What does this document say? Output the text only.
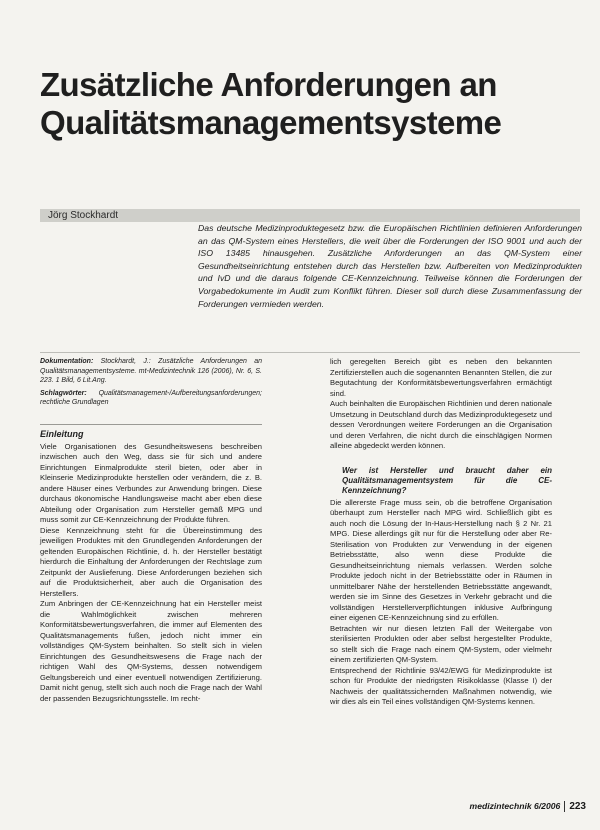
Zusätzliche Anforderungen an
Qualitätsmanagementsysteme
Jörg Stockhardt

Das deutsche Medizinproduktegesetz bzw. die Europäischen Richtlinien definieren Anforderungen an das QM-System eines Herstellers, die weit über die Forderungen der ISO 9001 und auch der ISO 13485 hinausgehen. Zusätzliche Anforderungen an das QM-System einer Gesundheitseinrichtung entstehen durch das Herstellen bzw. Aufbereiten von Medizinprodukten und IvD und die daraus folgende CE-Kennzeichnung. Teilweise können die Forderungen der Vorgabedokumente im Audit zum Konflikt führen. Dieser soll durch diese Zusammenfassung der Forderungen vermieden werden.

Dokumentation: Stockhardt, J.: Zusätzliche Anforderungen an Qualitätsmanagementsysteme. mt-Medizintechnik 126 (2006), Nr. 6, S. 223. 1 Bild, 6 Lit.Ang.

Schlagwörter: Qualitätsmanagement-/Aufbereitungsanforderungen; rechtliche Grundlagen

Einleitung

Viele Organisationen des Gesundheitswesens beschreiben inzwischen auch den Weg, dass sie für sich und andere Einrichtungen Einmalprodukte steril bieten, oder aber in Kleinserie Medizinprodukte herstellen oder verändern, die z. B. andere Häuser eines Verbundes zur Anwendung bringen. Diese durchaus ökonomische Handlungsweise macht aber eben diese Abteilung oder Organisation zum Hersteller gemäß MPG und muss somit zur CE-Kennzeichnung der Produkte führen.

Diese Kennzeichnung steht für die Übereinstimmung des jeweiligen Produktes mit den Grundlegenden Anforderungen der geltenden Europäischen Richtlinie, d. h. der Hersteller bestätigt hierdurch die Einhaltung der Anforderungen der Rechtslage zum Zeitpunkt der Auslieferung. Diese Anforderungen beziehen sich auf die Produktsicherheit, aber auch die Organisation des Herstellers.

Zum Anbringen der CE-Kennzeichnung hat ein Hersteller meist die Wahlmöglichkeit zwischen mehreren Konformitätsbewertungsverfahren, die immer auf Elementen des Qualitätsmanagements fußen, jedoch nicht immer ein vollständiges QM-System beinhalten. So stellt sich in vielen Einrichtungen des Gesundheitswesens die Frage nach der richtigen Wahl des QM-Systems, dessen notwendigem Geltungsbereich und einer eventuell notwendigen Zertifizierung. Damit nicht genug, stellt sich auch noch die Frage nach der Wahl der passenden Bezugsrichtungsstelle. Im recht-

lich geregelten Bereich gibt es neben den bekannten Zertifizierstellen auch die sogenannten Benannten Stellen, die zur Begutachtung der Konformitätsbewertungsverfahren ermächtigt sind.

Auch beinhalten die Europäischen Richtlinien und deren nationale Umsetzung in Deutschland durch das Medizinproduktegesetz und dessen Verordnungen weitere Forderungen an die Organisation und deren Verfahren, die nicht durch die einschlägigen Normen alleine abgedeckt werden können.

Wer ist Hersteller und braucht daher ein Qualitätsmanagementsystem für die CE-Kennzeichnung?

Die allererste Frage muss sein, ob die betroffene Organisation überhaupt zum Hersteller nach MPG wird. Schließlich gibt es auch noch die Lösung der In-Haus-Herstellung nach § 2 Nr. 21 MPG. Diese allerdings gilt nur für die Herstellung oder aber Re-Sterilisation von Produkten zur Verwendung in der eigenen Betriebsstätte, also wenn diese Produkte die Gesundheitseinrichtung niemals verlassen. Werden solche Produkte jedoch nicht in der Betriebsstätte oder in Räumen in unmittelbarer Nähe der herstellenden Betriebsstätte angewandt, werden sie im Sinne des Gesetzes in Verkehr gebracht und die vollständigen Herstellerverpflichtungen inklusive Aufbringung einer eigenen CE-Kennzeichnung sind zu erfüllen.

Betrachten wir nur diesen letzten Fall der Weitergabe von sterilisierten Produkten oder aber selbst hergestellter Produkte, so stellt sich die Frage nach einem QM-System, oder vielmehr einem zertifizierten QM-System.

Entsprechend der Richtlinie 93/42/EWG für Medizinprodukte ist schon für Produkte der niedrigsten Risikoklasse (Klasse I) der Nachweis der qualitätssichernden Maßnahmen notwendig, wie wir dies als ein Teil eines vollständigen QM-Systems kennen.

medizintechnik 6/2006 223
